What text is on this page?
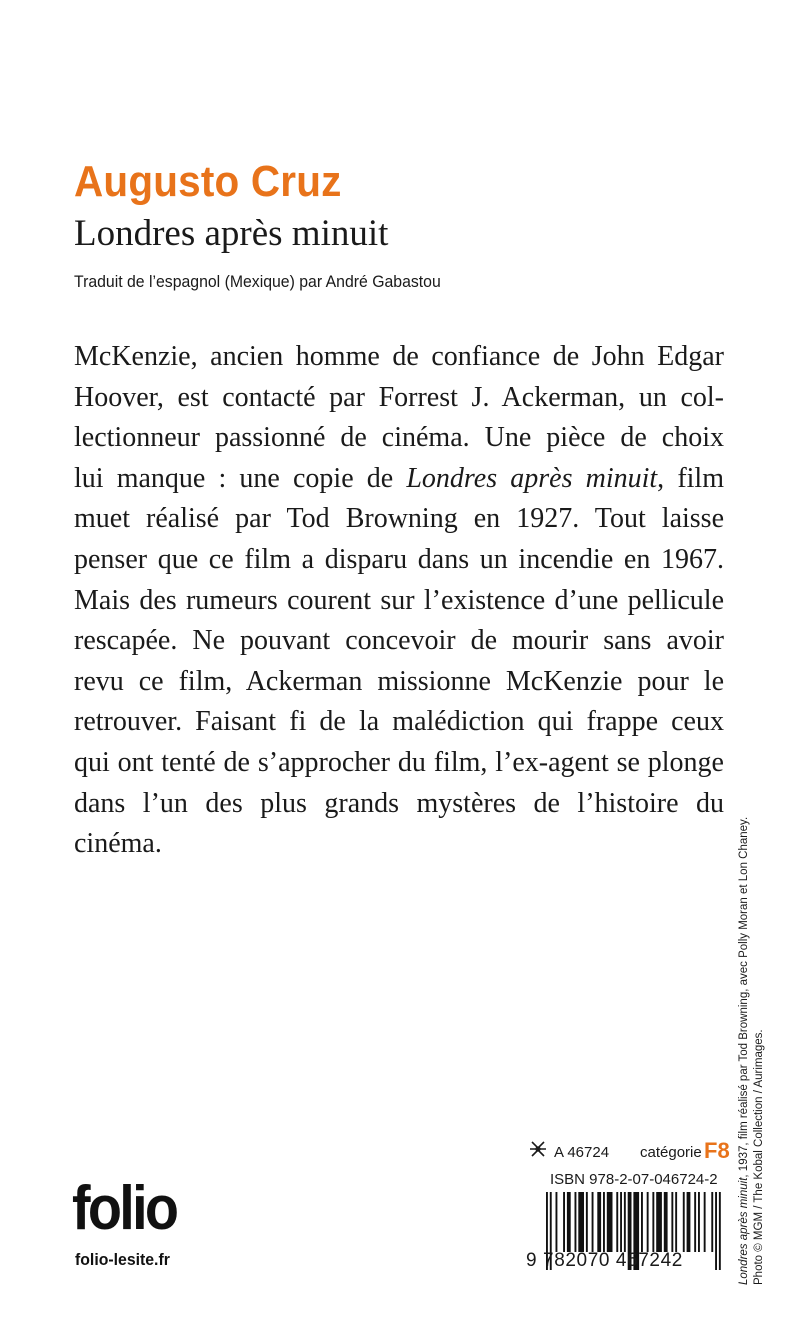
Augusto Cruz
Londres après minuit
Traduit de l’espagnol (Mexique) par André Gabastou
McKenzie, ancien homme de confiance de John Edgar
Hoover, est contacté par Forrest J. Ackerman, un col-
lectionneur passionné de cinéma. Une pièce de choix
lui manque : une copie de Londres après minuit, film
muet réalisé par Tod Browning en 1927. Tout laisse
penser que ce film a disparu dans un incendie en 1967.
Mais des rumeurs courent sur l’existence d’une pellicule
rescapée. Ne pouvant concevoir de mourir sans avoir
revu ce film, Ackerman missionne McKenzie pour le
retrouver. Faisant fi de la malédiction qui frappe ceux
qui ont tenté de s’approcher du film, l’ex-agent se plonge
dans l’un des plus grands mystères de l’histoire du
cinéma.
Londres après minuit, 1937, film réalisé par Tod Browning, avec Polly Moran et Lon Chaney. Photo © MGM / The Kobal Collection / Aurimages.
A 46724 catégorie F8
ISBN 978-2-07-046724-2
9 782070 467242
folio
folio-lesite.fr
